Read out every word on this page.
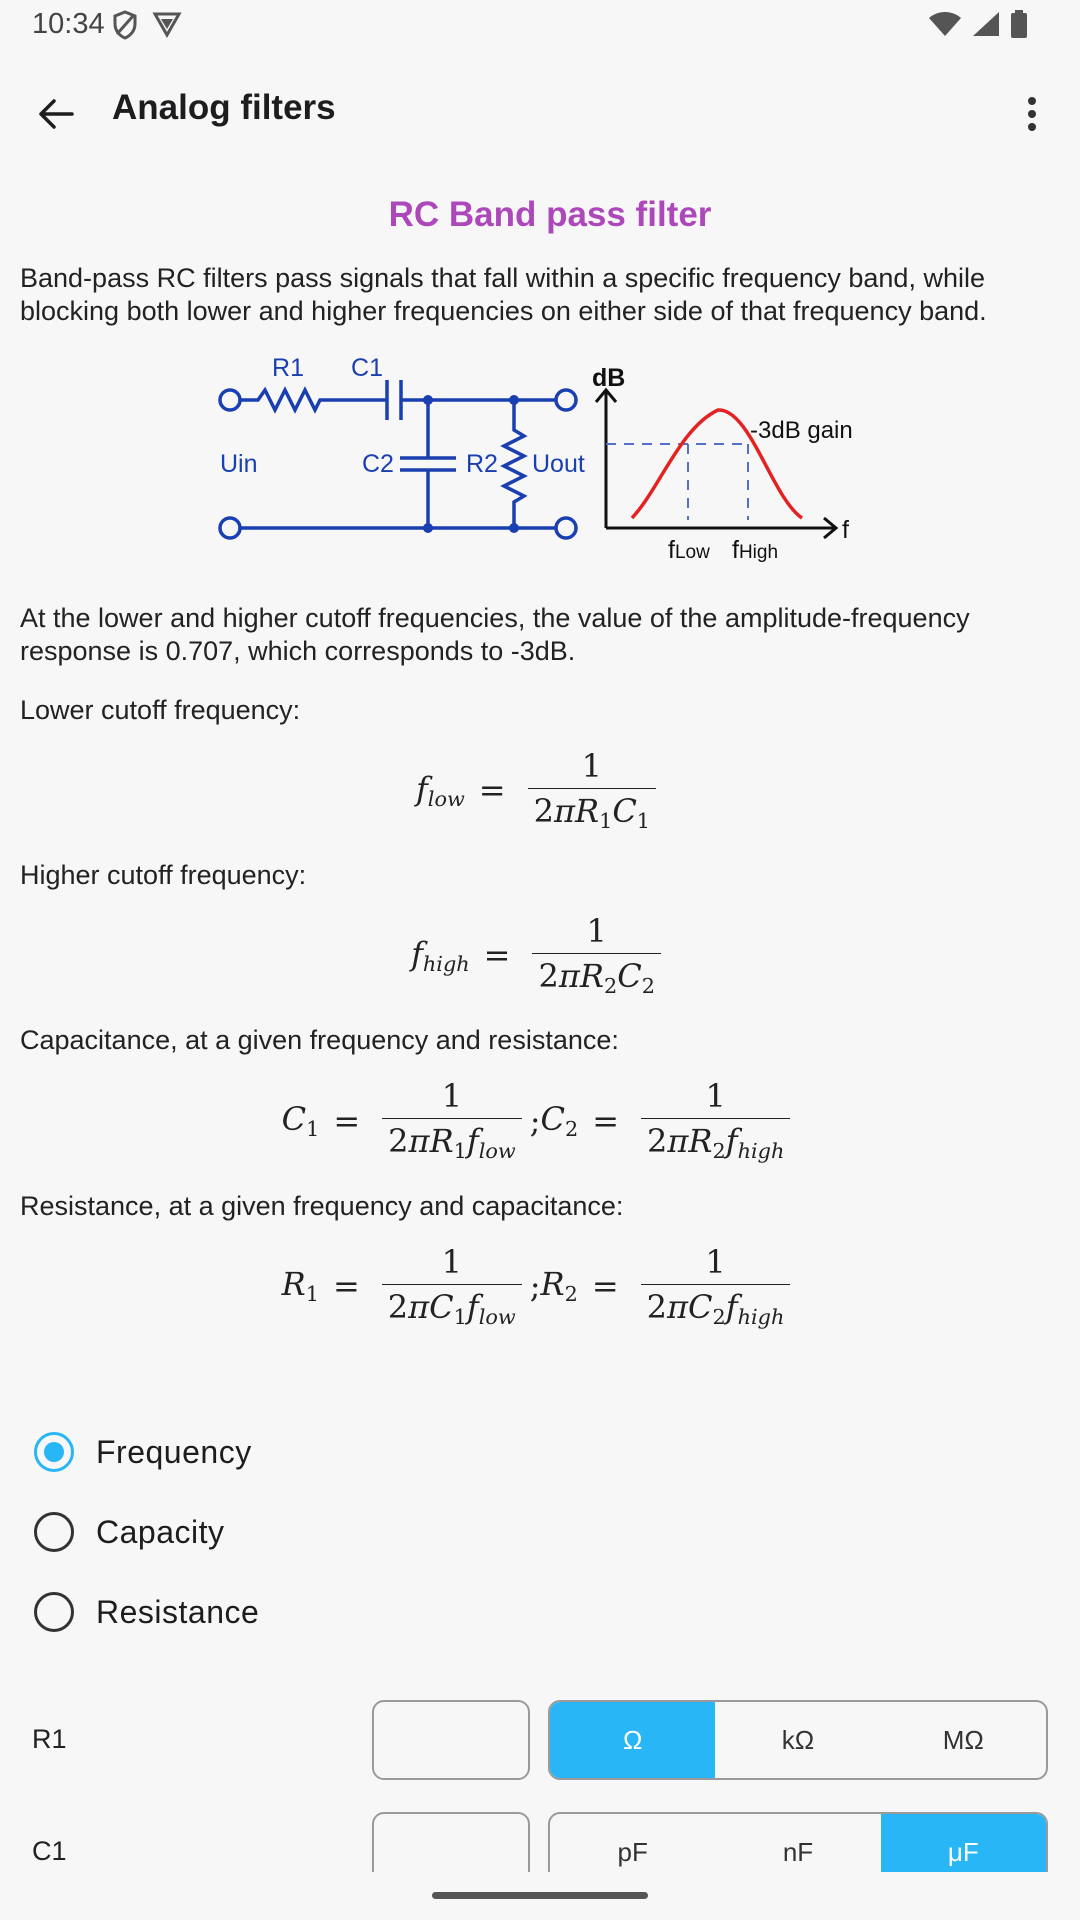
10:34
Analog filters
RC Band pass filter

Band-pass RC filters pass signals that fall within a specific frequency band, while blocking both lower and higher frequencies on either side of that frequency band.

R1 C1
Uin	C2	R2 Uout
dB
-3dB gain
f
fLow fHigh

At the lower and higher cutoff frequencies, the value of the amplitude-frequency response is 0.707, which corresponds to -3dB.

Lower cutoff frequency:

$f_{low} = \frac{1}{2\pi R_1C_1}$

Higher cutoff frequency:

$f_{high} = \frac{1}{2\pi R_2C_2}$

Capacitance, at a given frequency and resistance:

$C_1 = \frac{1}{2\pi R_1f_{low}}$ ; $C_2 = \frac{1}{2\pi R_2f_{high}}$

Resistance, at a given frequency and capacitance:

$R_1 = \frac{1}{2\pi C_1f_{low}}$ ; $R_2 = \frac{1}{2\pi C_2f_{high}}$
Frequency
Capacity
Resistance
R1	Ω	kΩ	MΩ
C1	pF	nF	μF
